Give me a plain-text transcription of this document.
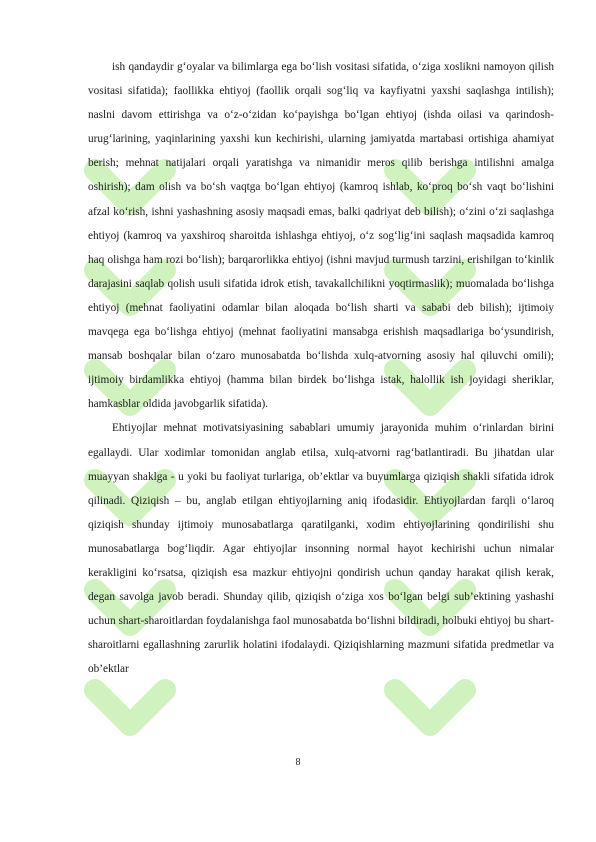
ish qandaydir g‘oyalar va bilimlarga ega bo‘lish vositasi sifatida, o‘ziga xoslikni namoyon qilish vositasi sifatida); faollikka ehtiyoj (faollik orqali sog‘liq va kayfiyatni yaxshi saqlashga intilish); naslni davom ettirishga va o‘z-o‘zidan ko‘payishga bo‘lgan ehtiyoj (ishda oilasi va qarindosh-urug‘larining, yaqinlarining yaxshi kun kechirishi, ularning jamiyatda martabasi ortishiga ahamiyat berish; mehnat natijalari orqali yaratishga va nimanidir meros qilib berishga intilishni amalga oshirish); dam olish va bo‘sh vaqtga bo‘lgan ehtiyoj (kamroq ishlab, ko‘proq bo‘sh vaqt bo‘lishini afzal ko‘rish, ishni yashashning asosiy maqsadi emas, balki qadriyat deb bilish); o‘zini o‘zi saqlashga ehtiyoj (kamroq va yaxshiroq sharoitda ishlashga ehtiyoj, o‘z sog‘lig‘ini saqlash maqsadida kamroq haq olishga ham rozi bo‘lish); barqarorlikka ehtiyoj (ishni mavjud turmush tarzini, erishilgan to‘kinlik darajasini saqlab qolish usuli sifatida idrok etish, tavakallchilikni yoqtirmaslik); muomalada bo‘lishga ehtiyoj (mehnat faoliyatini odamlar bilan aloqada bo‘lish sharti va sababi deb bilish); ijtimoiy mavqega ega bo‘lishga ehtiyoj (mehnat faoliyatini mansabga erishish maqsadlariga bo‘ysundirish, mansab boshqalar bilan o‘zaro munosabatda bo‘lishda xulq-atvorning asosiy hal qiluvchi omili); ijtimoiy birdamlikka ehtiyoj (hamma bilan birdek bo‘lishga istak, halollik ish joyidagi sheriklar, hamkasblar oldida javobgarlik sifatida).

Ehtiyojlar mehnat motivatsiyasining sabablari umumiy jarayonida muhim o‘rinlardan birini egallaydi. Ular xodimlar tomonidan anglab etilsa, xulq-atvorni rag‘batlantiradi. Bu jihatdan ular muayyan shaklga - u yoki bu faoliyat turlariga, ob’ektlar va buyumlarga qiziqish shakli sifatida idrok qilinadi. Qiziqish – bu, anglab etilgan ehtiyojlarning aniq ifodasidir. Ehtiyojlardan farqli o‘laroq qiziqish shunday ijtimoiy munosabatlarga qaratilganki, xodim ehtiyojlarining qondirilishi shu munosabatlarga bog‘liqdir. Agar ehtiyojlar insonning normal hayot kechirishi uchun nimalar kerakligini ko‘rsatsa, qiziqish esa mazkur ehtiyojni qondirish uchun qanday harakat qilish kerak, degan savolga javob beradi. Shunday qilib, qiziqish o‘ziga xos bo‘lgan belgi sub’ektining yashashi uchun shart-sharoitlardan foydalanishga faol munosabatda bo‘lishni bildiradi, holbuki ehtiyoj bu shart-sharoitlarni egallashning zarurlik holatini ifodalaydi. Qiziqishlarning mazmuni sifatida predmetlar va ob’ektlar

8
